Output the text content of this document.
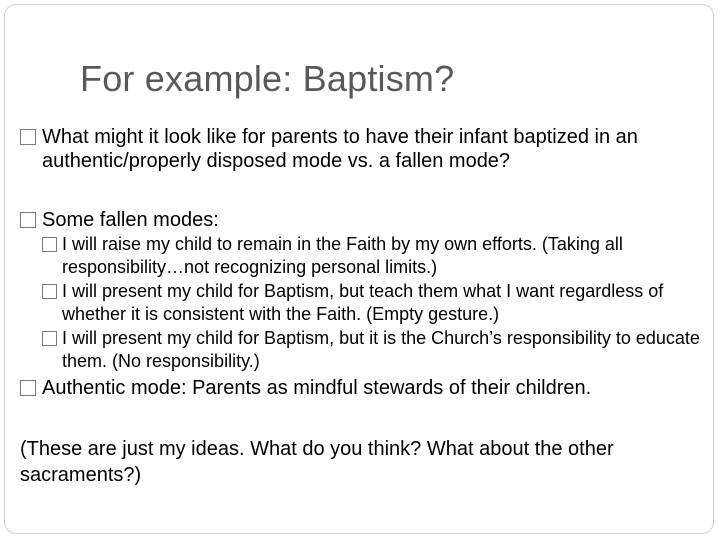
For example: Baptism?
What might it look like for parents to have their infant baptized in an authentic/properly disposed mode vs. a fallen mode?
Some fallen modes:
I will raise my child to remain in the Faith by my own efforts. (Taking all responsibility…not recognizing personal limits.)
I will present my child for Baptism, but teach them what I want regardless of whether it is consistent with the Faith. (Empty gesture.)
I will present my child for Baptism, but it is the Church’s responsibility to educate them. (No responsibility.)
Authentic mode: Parents as mindful stewards of their children.
(These are just my ideas. What do you think? What about the other sacraments?)
